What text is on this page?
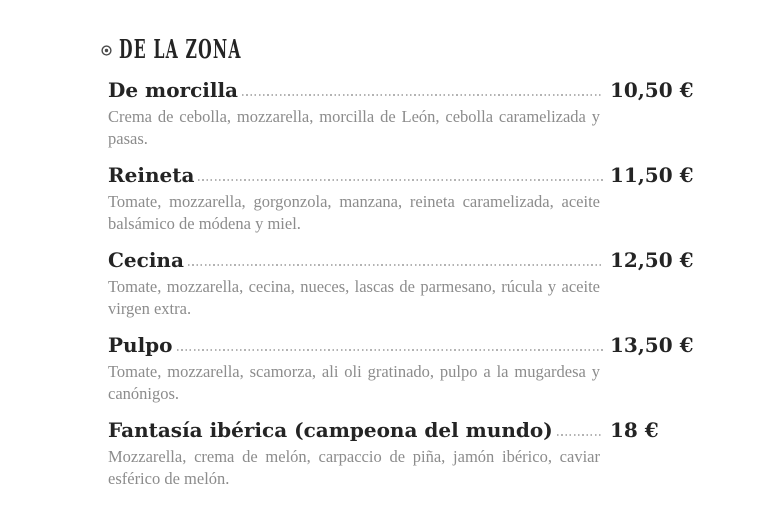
DE LA ZONA
De morcilla	10,50 €

Crema de cebolla, mozzarella, morcilla de León, cebolla caramelizada y pasas.

Reineta	11,50 €

Tomate, mozzarella, gorgonzola, manzana, reineta caramelizada, aceite balsámico de módena y miel.

Cecina	12,50 €

Tomate, mozzarella, cecina, nueces, lascas de parmesano, rúcula y aceite virgen extra.

Pulpo	13,50 €

Tomate, mozzarella, scamorza, ali oli gratinado, pulpo a la mugardesa y canónigos.

Fantasía ibérica (campeona del mundo)	18 €

Mozzarella, crema de melón, carpaccio de piña, jamón ibérico, caviar esférico de melón.
